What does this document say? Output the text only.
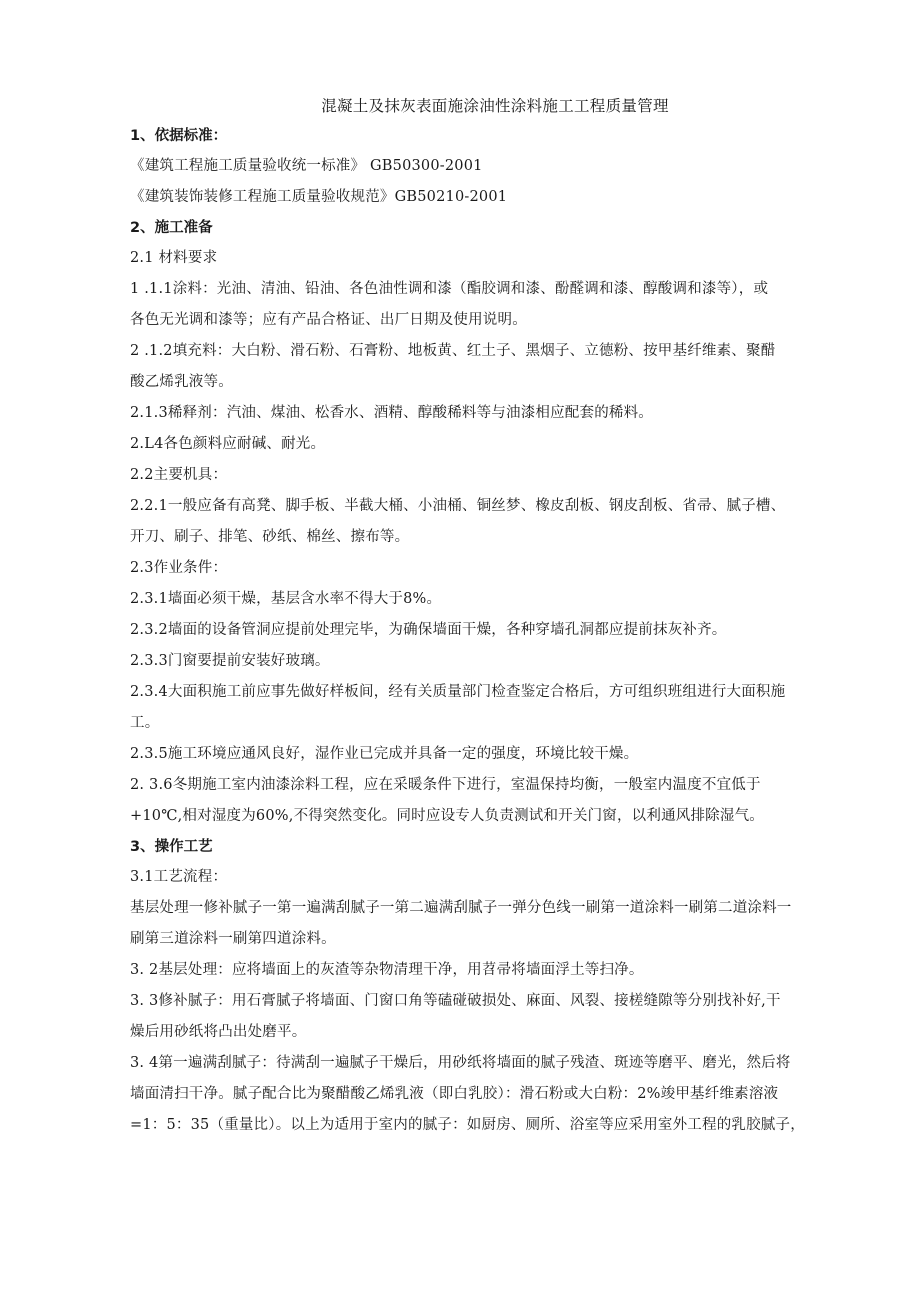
混凝土及抹灰表面施涂油性涂料施工工程质量管理
1、依据标准：
《建筑工程施工质量验收统一标准》 GB50300-2001
《建筑装饰装修工程施工质量验收规范》GB50210-2001
2、施工准备
2.1 材料要求
1 .1.1涂料：光油、清油、铅油、各色油性调和漆（酯胶调和漆、酚醛调和漆、醇酸调和漆等），或
各色无光调和漆等；应有产品合格证、出厂日期及使用说明。
2 .1.2填充料：大白粉、滑石粉、石膏粉、地板黄、红土子、黑烟子、立德粉、按甲基纤维素、聚醋
酸乙烯乳液等。
2.1.3稀释剂：汽油、煤油、松香水、酒精、醇酸稀料等与油漆相应配套的稀料。
2.L4各色颜料应耐碱、耐光。
2.2主要机具：
2.2.1一般应备有高凳、脚手板、半截大桶、小油桶、铜丝梦、橡皮刮板、钢皮刮板、省帚、腻子槽、
开刀、刷子、排笔、砂纸、棉丝、擦布等。
2.3作业条件：
2.3.1墙面必须干燥，基层含水率不得大于8%。
2.3.2墙面的设备管洞应提前处理完毕，为确保墙面干燥，各种穿墙孔洞都应提前抹灰补齐。
2.3.3门窗要提前安装好玻璃。
2.3.4大面积施工前应事先做好样板间，经有关质量部门检查鉴定合格后，方可组织班组进行大面积施
工。
2.3.5施工环境应通风良好，湿作业已完成并具备一定的强度，环境比较干燥。
2. 3.6冬期施工室内油漆涂料工程，应在采暖条件下进行，室温保持均衡，一般室内温度不宜低于
+10℃,相对湿度为60%,不得突然变化。同时应设专人负责测试和开关门窗，以利通风排除湿气。
3、操作工艺
3.1工艺流程：
基层处理一修补腻子一第一遍满刮腻子一第二遍满刮腻子一弹分色线一刷第一道涂料一刷第二道涂料一
刷第三道涂料一刷第四道涂料。
3. 2基层处理：应将墙面上的灰渣等杂物清理干净，用苕帚将墙面浮土等扫净。
3. 3修补腻子：用石膏腻子将墙面、门窗口角等磕碰破损处、麻面、风裂、接槎缝隙等分别找补好,干
燥后用砂纸将凸出处磨平。
3. 4第一遍满刮腻子：待满刮一遍腻子干燥后，用砂纸将墙面的腻子残渣、斑迹等磨平、磨光，然后将
墙面清扫干净。腻子配合比为聚醋酸乙烯乳液（即白乳胶）：滑石粉或大白粉：2%竣甲基纤维素溶液
=1：5：35（重量比）。以上为适用于室内的腻子：如厨房、厕所、浴室等应采用室外工程的乳胶腻子，
